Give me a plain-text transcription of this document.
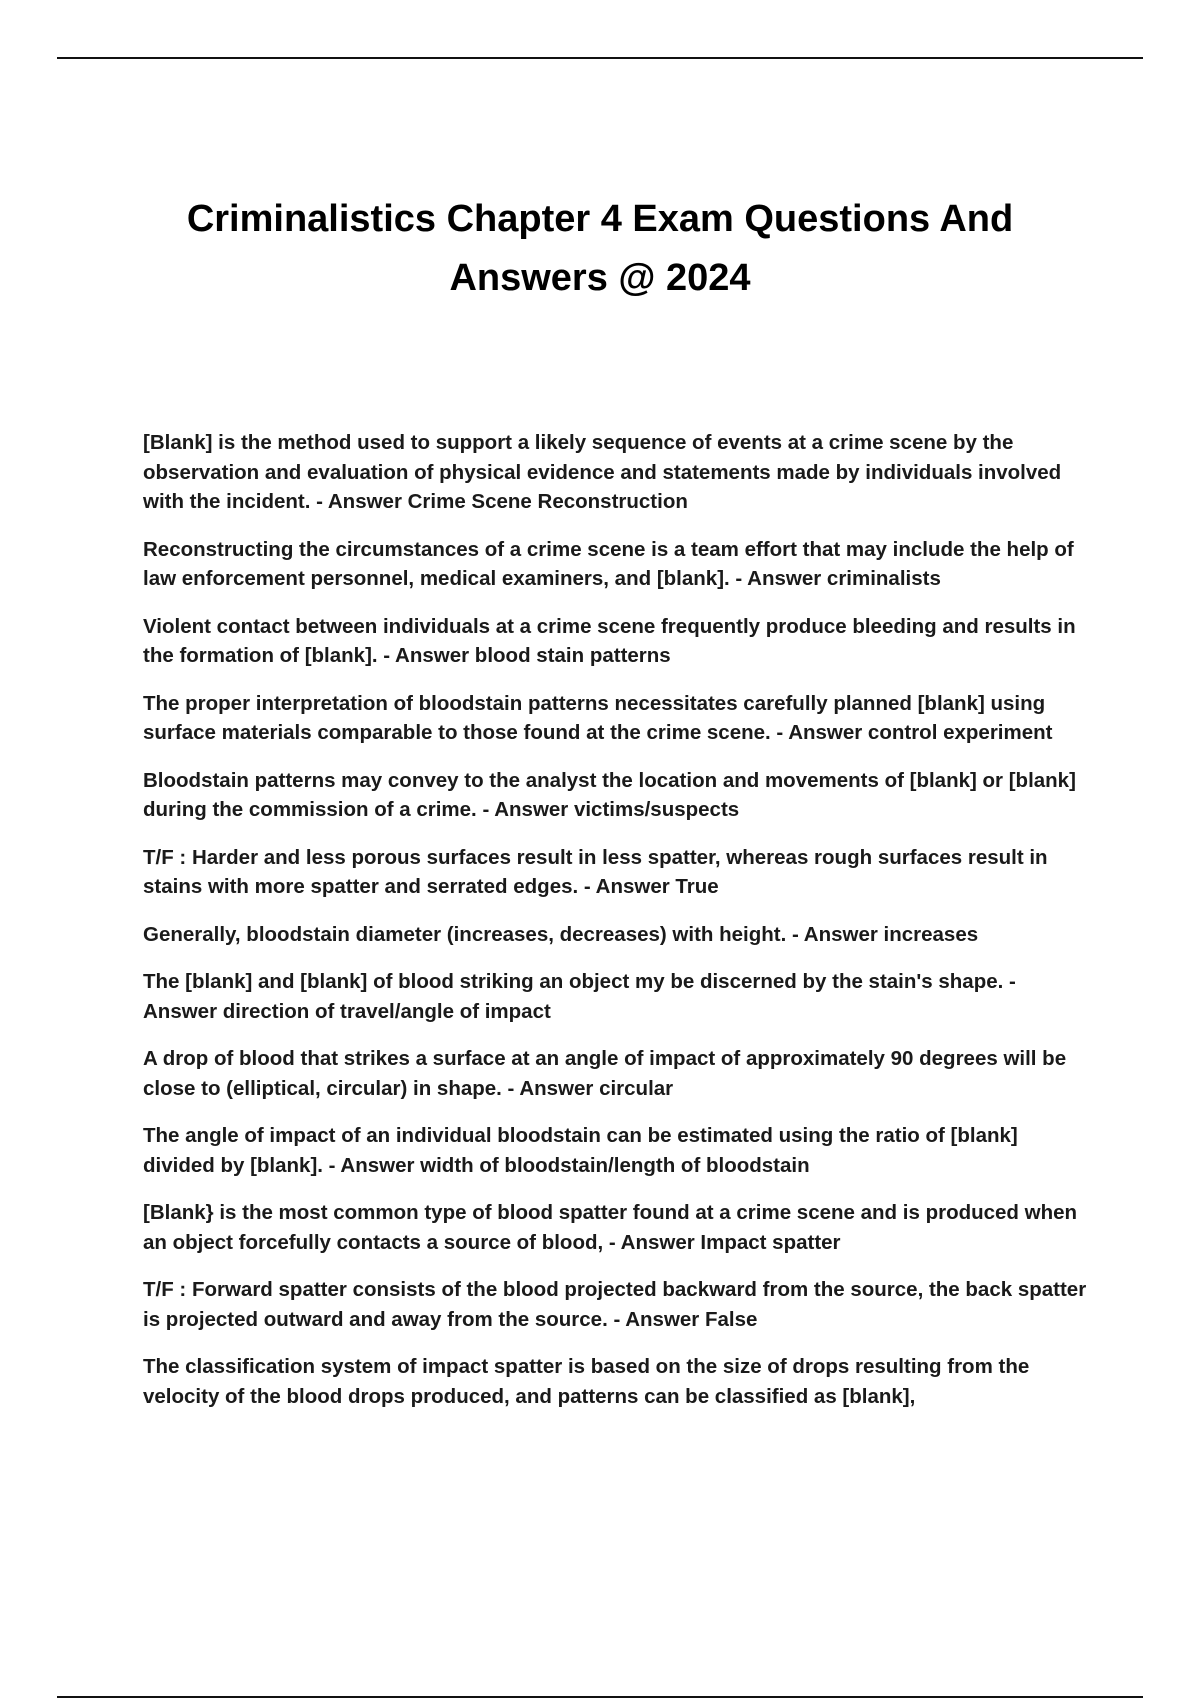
Criminalistics Chapter 4 Exam Questions And Answers @ 2024
[Blank] is the method used to support a likely sequence of events at a crime scene by the observation and evaluation of physical evidence and statements made by individuals involved with the incident. - Answer Crime Scene Reconstruction
Reconstructing the circumstances of a crime scene is a team effort that may include the help of law enforcement personnel, medical examiners, and [blank]. - Answer criminalists
Violent contact between individuals at a crime scene frequently produce bleeding and results in the formation of [blank]. - Answer blood stain patterns
The proper interpretation of bloodstain patterns necessitates carefully planned [blank] using surface materials comparable to those found at the crime scene. - Answer control experiment
Bloodstain patterns may convey to the analyst the location and movements of [blank] or [blank] during the commission of a crime. - Answer victims/suspects
T/F : Harder and less porous surfaces result in less spatter, whereas rough surfaces result in stains with more spatter and serrated edges. - Answer True
Generally, bloodstain diameter (increases, decreases) with height. - Answer increases
The [blank] and [blank] of blood striking an object my be discerned by the stain's shape. - Answer direction of travel/angle of impact
A drop of blood that strikes a surface at an angle of impact of approximately 90 degrees will be close to (elliptical, circular) in shape. - Answer circular
The angle of impact of an individual bloodstain can be estimated using the ratio of [blank] divided by [blank]. - Answer width of bloodstain/length of bloodstain
[Blank} is the most common type of blood spatter found at a crime scene and is produced when an object forcefully contacts a source of blood, - Answer Impact spatter
T/F : Forward spatter consists of the blood projected backward from the source, the back spatter is projected outward and away from the source. - Answer False
The classification system of impact spatter is based on the size of drops resulting from the velocity of the blood drops produced, and patterns can be classified as [blank],
